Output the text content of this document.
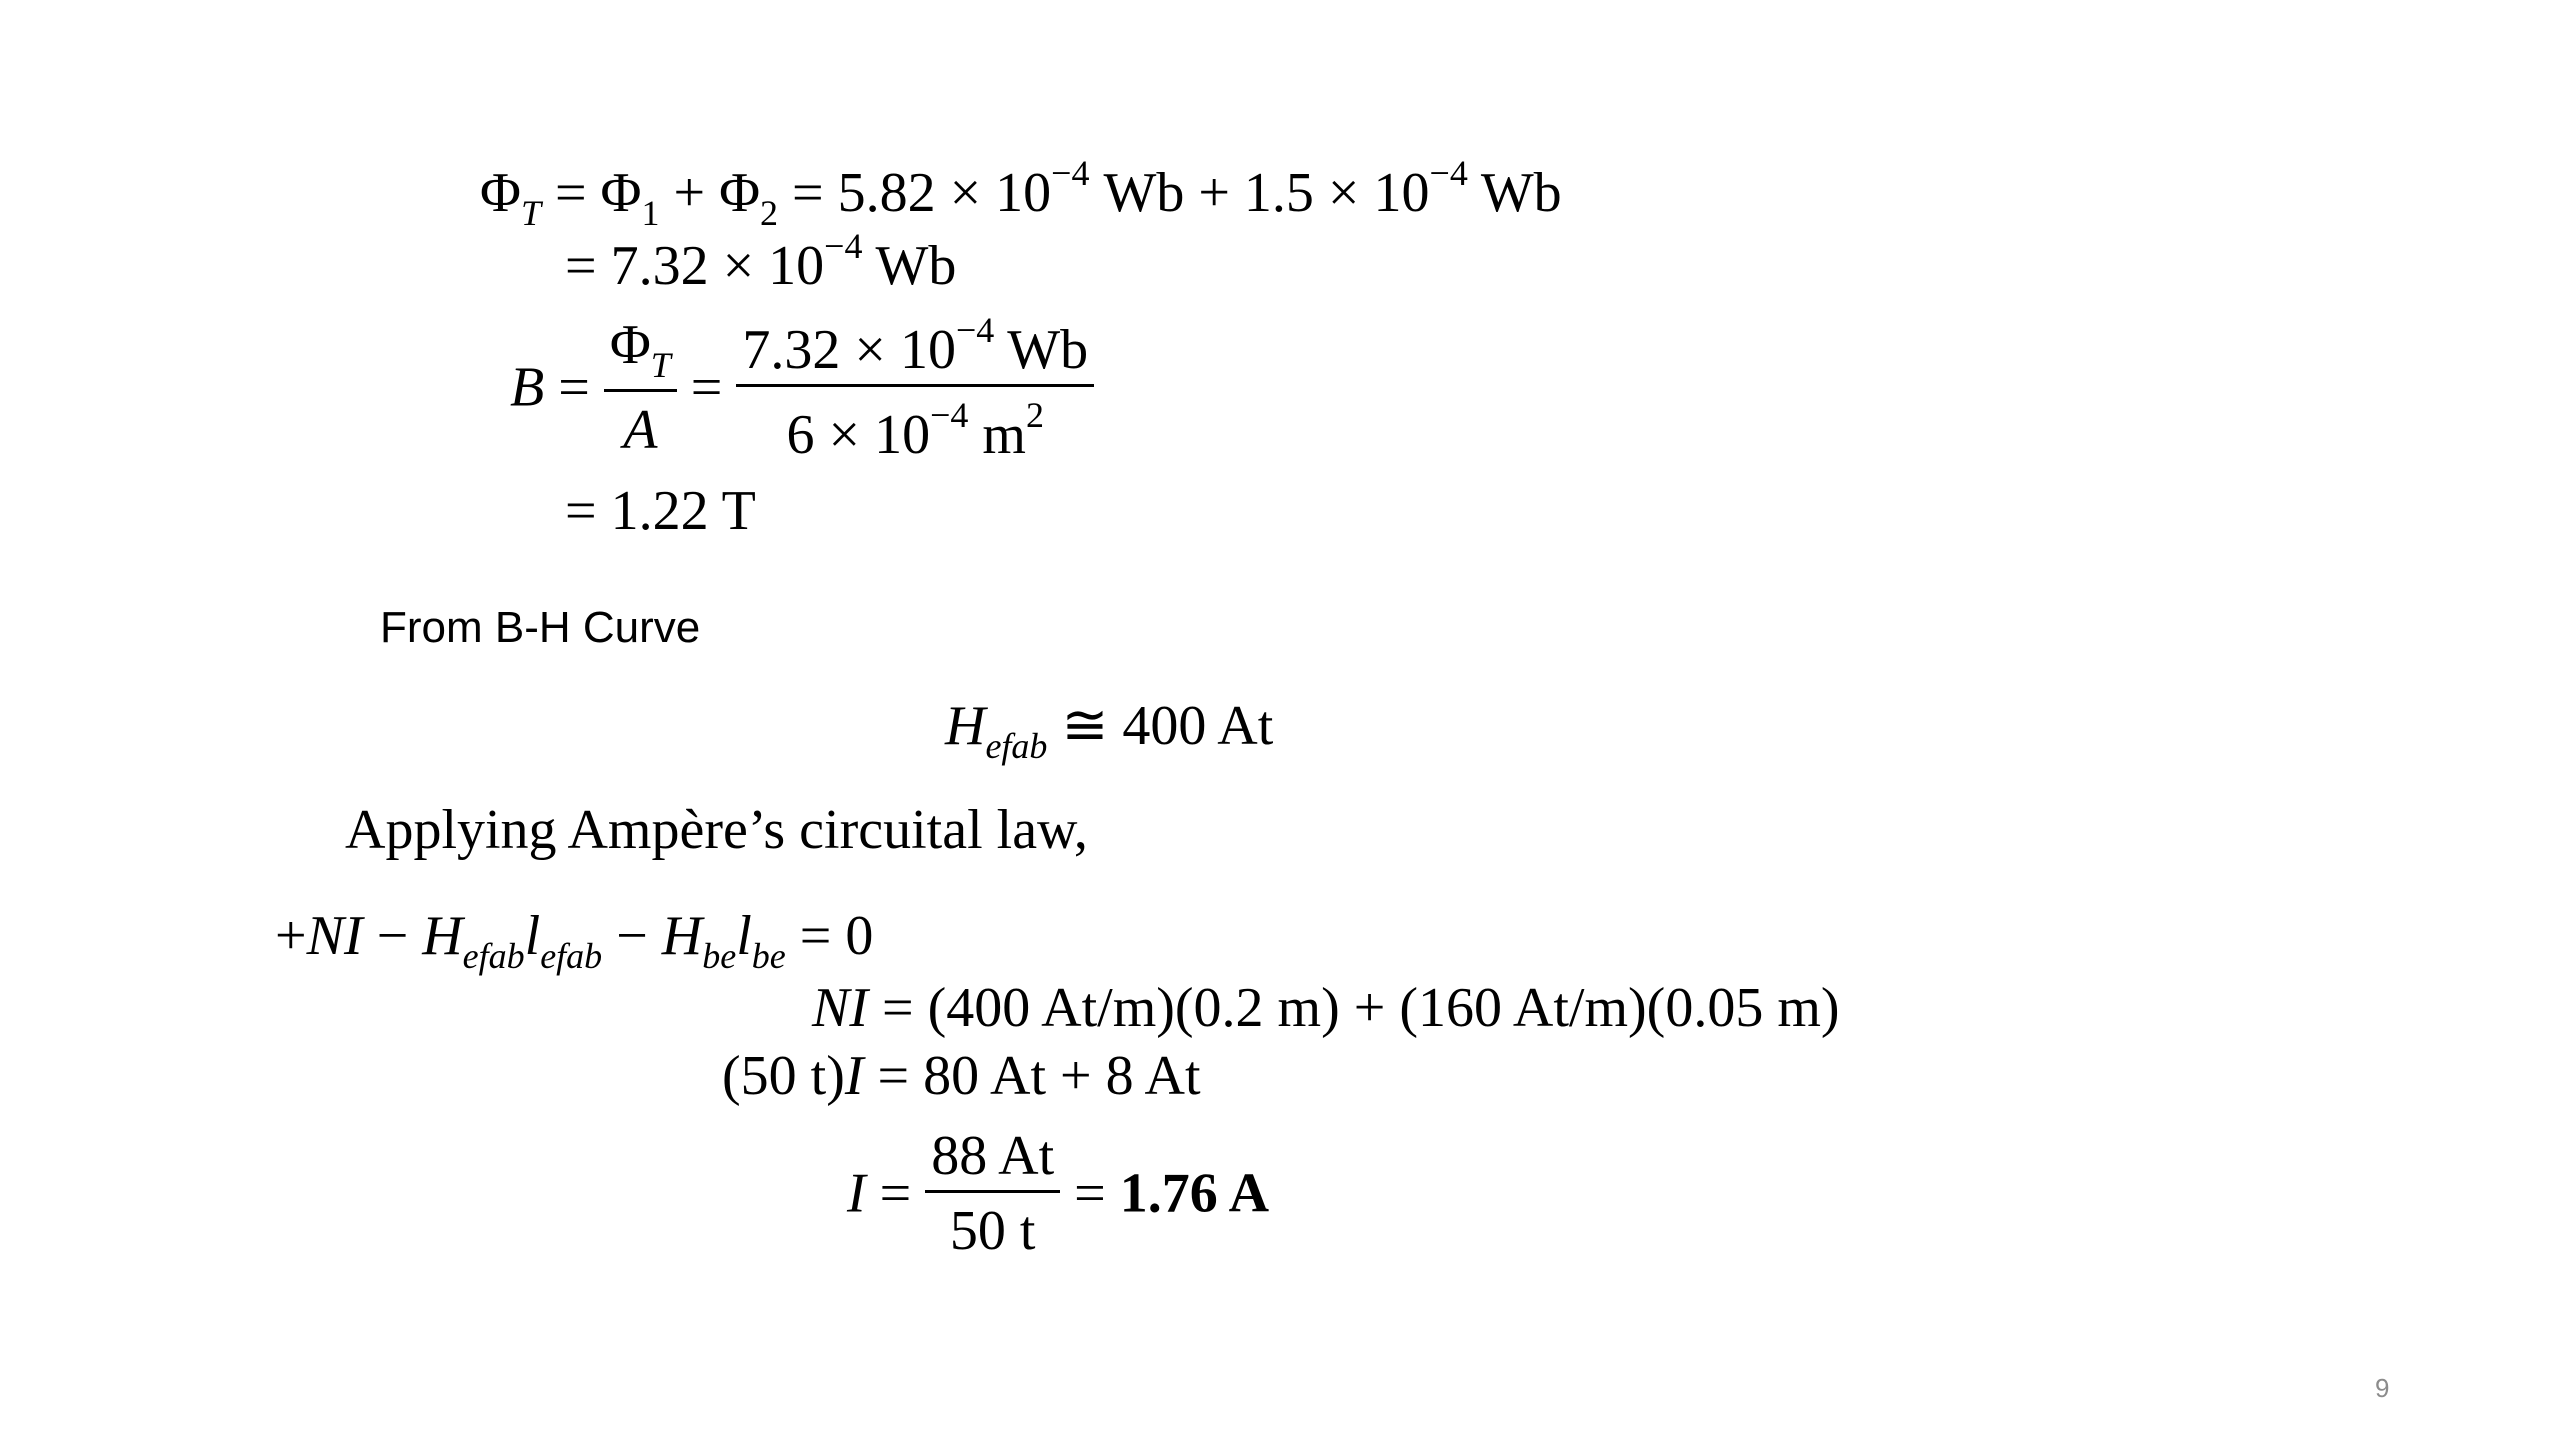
$\Phi_T = \Phi_1 + \Phi_2 = 5.82 \times 10^{-4}$ $Wb + 1.5 \times 10^{-4}$ Wb
= $7.32 \times 10^{-4}$ Wb
$B = \frac{\Phi_T}{A} = \frac{7.32 \times 10^{-4} Wb}{6 \times 10^{-4} m^2}$
= 1.22 T
From B-H Curve
$H_{efab}$ ≅ 400 At
Applying Ampère’s circuital law,
$+NI - H_{efab}l_{efab} - H_{be}l_{be} = 0$
NI = (400 At/m)(0.2 m) + (160 At/m)(0.05 m)
(50 t)I = 80 At + 8 At
$I = \frac{88 At}{50 t} = 1.76$ A
9
